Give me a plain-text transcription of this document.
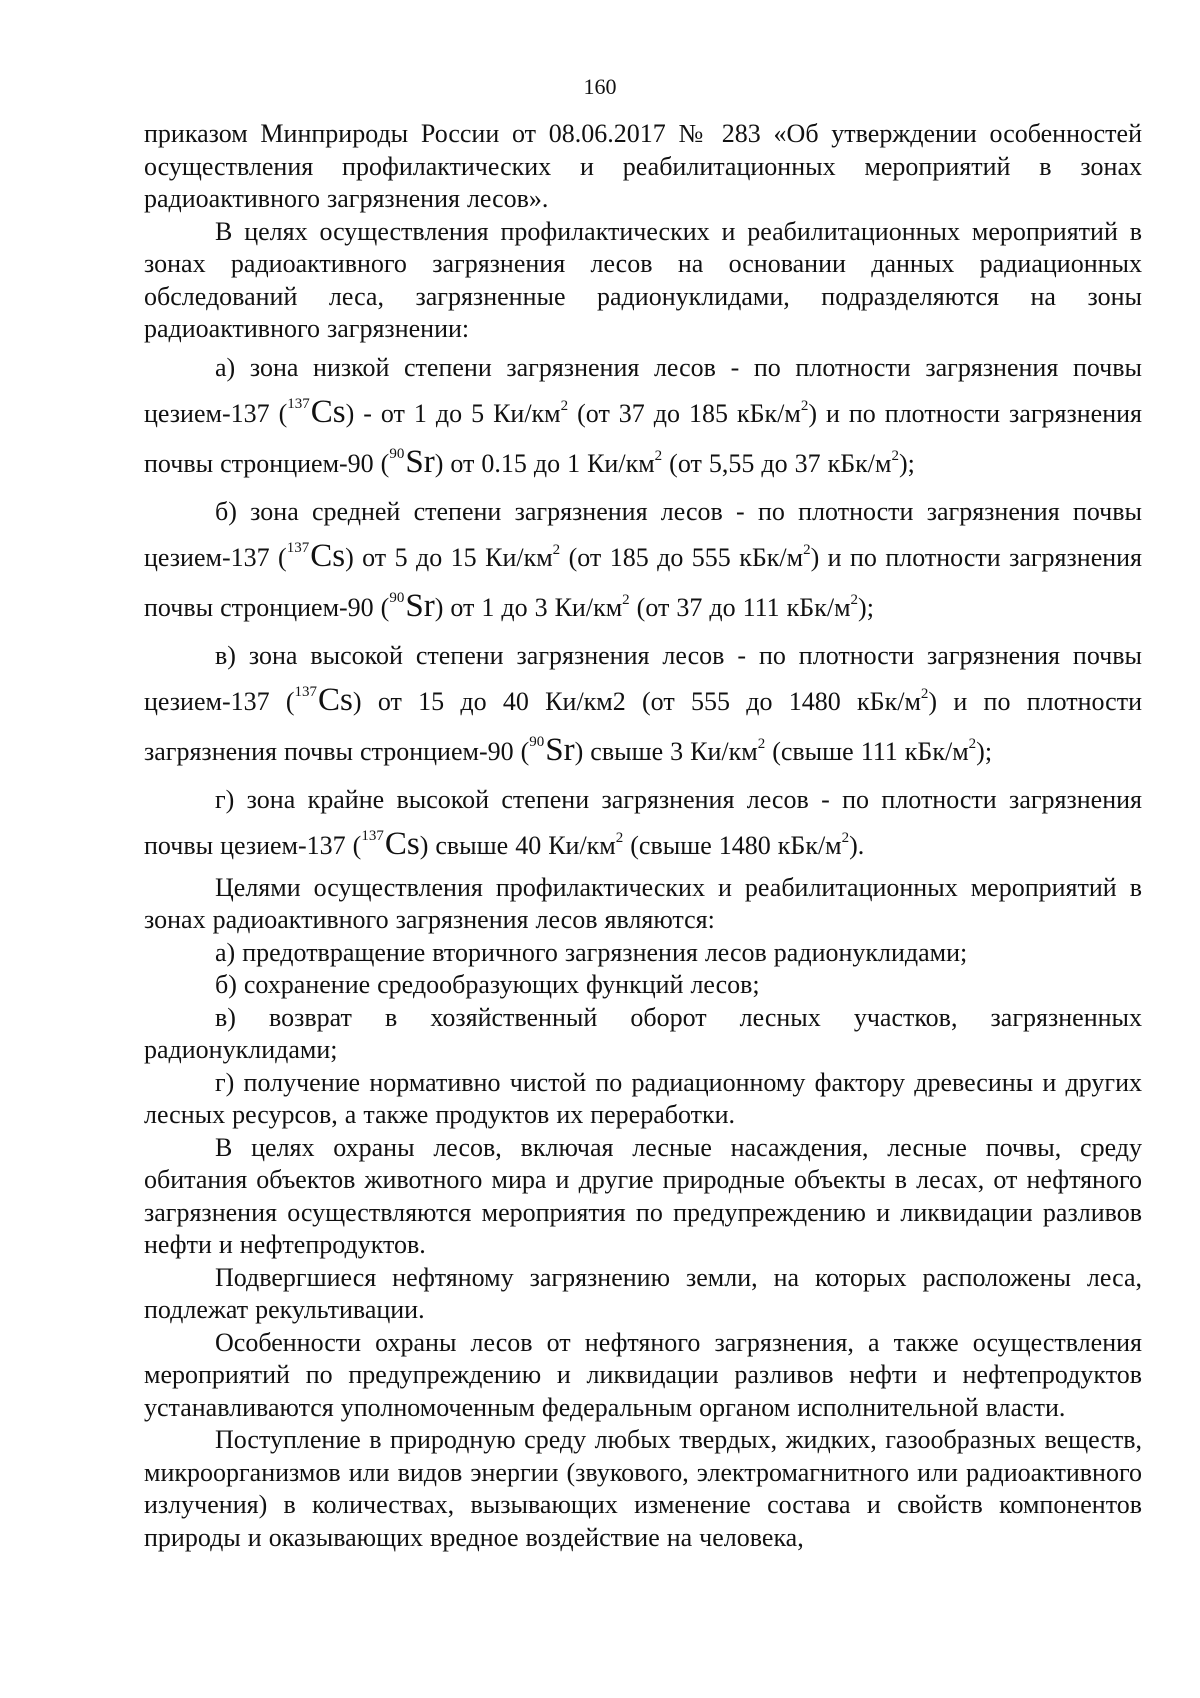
160

приказом Минприроды России от 08.06.2017 № 283 «Об утверждении особенностей осуществления профилактических и реабилитационных мероприятий в зонах радиоактивного загрязнения лесов».

В целях осуществления профилактических и реабилитационных мероприятий в зонах радиоактивного загрязнения лесов на основании данных радиационных обследований леса, загрязненные радионуклидами, подразделяются на зоны радиоактивного загрязнении:

а) зона низкой степени загрязнения лесов - по плотности загрязнения почвы цезием-137 ($^{137}$Cs) - от 1 до 5 $Ки/км^2$ (от 37 до 185 кБк/$м^2$) и по плотности загрязнения почвы стронцием-90 ($^{90}$Sr) от 0.15 до 1 $Ки/км^2$ (от 5,55 до 37 кБк/$м^2$);

б) зона средней степени загрязнения лесов - по плотности загрязнения почвы цезием-137 ($^{137}$Cs) от 5 до 15 $Ки/км^2$ (от 185 до 555 кБк/$м^2$) и по плотности загрязнения почвы стронцием-90 ($^{90}$Sr) от 1 до 3 $Ки/км^2$ (от 37 до 111 кБк/$м^2$);

в) зона высокой степени загрязнения лесов - по плотности загрязнения почвы цезием-137 ($^{137}$Cs) от 15 до 40 Ки/км2 (от 555 до 1480 кБк/$м^2$) и по плотности загрязнения почвы стронцием-90 ($^{90}$Sr) свыше 3 $Ки/км^2$ (свыше 111 кБк/$м^2$);

г) зона крайне высокой степени загрязнения лесов - по плотности загрязнения почвы цезием-137 ($^{137}$Cs) свыше 40 $Ки/км^2$ (свыше 1480 кБк/$м^2$).

Целями осуществления профилактических и реабилитационных мероприятий в зонах радиоактивного загрязнения лесов являются:

а) предотвращение вторичного загрязнения лесов радионуклидами;

б) сохранение средообразующих функций лесов;

в) возврат в хозяйственный оборот лесных участков, загрязненных радионуклидами;

г) получение нормативно чистой по радиационному фактору древесины и других лесных ресурсов, а также продуктов их переработки.

В целях охраны лесов, включая лесные насаждения, лесные почвы, среду обитания объектов животного мира и другие природные объекты в лесах, от нефтяного загрязнения осуществляются мероприятия по предупреждению и ликвидации разливов нефти и нефтепродуктов.

Подвергшиеся нефтяному загрязнению земли, на которых расположены леса, подлежат рекультивации.

Особенности охраны лесов от нефтяного загрязнения, а также осуществления мероприятий по предупреждению и ликвидации разливов нефти и нефтепродуктов устанавливаются уполномоченным федеральным органом исполнительной власти.

Поступление в природную среду любых твердых, жидких, газообразных веществ, микроорганизмов или видов энергии (звукового, электромагнитного или радиоактивного излучения) в количествах, вызывающих изменение состава и свойств компонентов природы и оказывающих вредное воздействие на человека,
